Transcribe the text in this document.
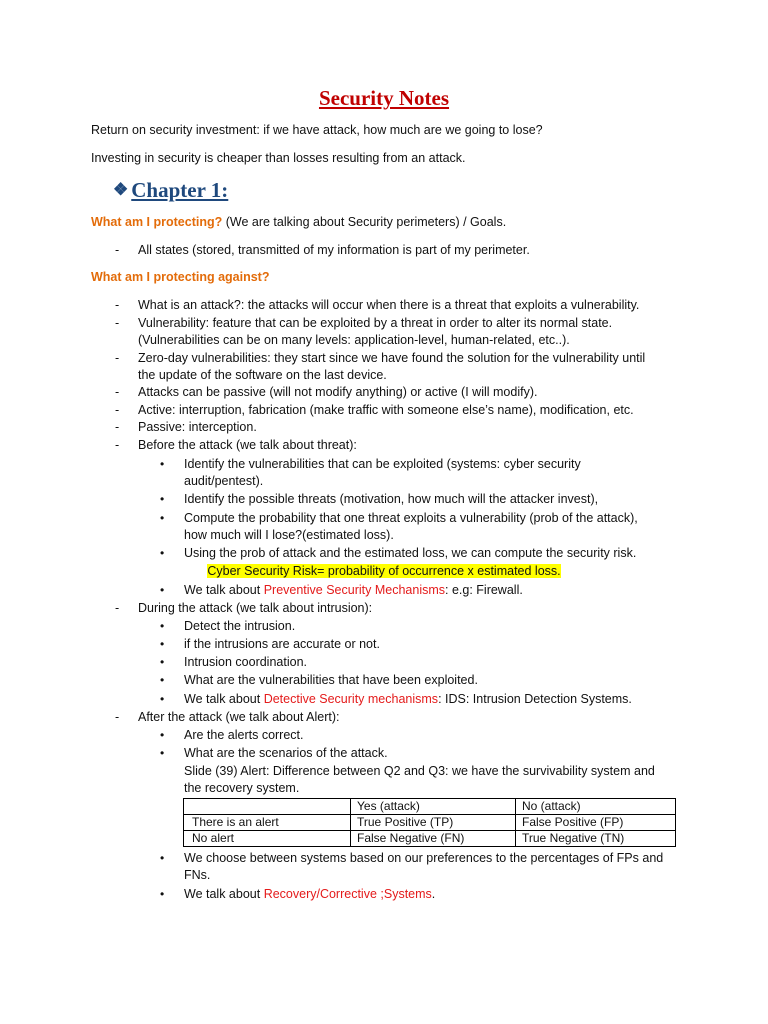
Security Notes
Return on security investment: if we have attack, how much are we going to lose?
Investing in security is cheaper than losses resulting from an attack.
❖ Chapter 1:
What am I protecting? (We are talking about Security perimeters) / Goals.
- All states (stored, transmitted of my information is part of my perimeter.
What am I protecting against?
- What is an attack?: the attacks will occur when there is a threat that exploits a vulnerability.
- Vulnerability: feature that can be exploited by a threat in order to alter its normal state.
(Vulnerabilities can be on many levels: application-level, human-related, etc..).
- Zero-day vulnerabilities: they start since we have found the solution for the vulnerability until
the update of the software on the last device.
- Attacks can be passive (will not modify anything) or active (I will modify).
- Active: interruption, fabrication (make traffic with someone else’s name), modification, etc.
- Passive: interception.
- Before the attack (we talk about threat):
• Identify the vulnerabilities that can be exploited (systems: cyber security
audit/pentest).
• Identify the possible threats (motivation, how much will the attacker invest),
• Compute the probability that one threat exploits a vulnerability (prob of the attack),
how much will I lose?(estimated loss).
• Using the prob of attack and the estimated loss, we can compute the security risk.
Cyber Security Risk= probability of occurrence x estimated loss.
• We talk about Preventive Security Mechanisms: e.g: Firewall.
- During the attack (we talk about intrusion):
• Detect the intrusion.
• if the intrusions are accurate or not.
• Intrusion coordination.
• What are the vulnerabilities that have been exploited.
• We talk about Detective Security mechanisms: IDS: Intrusion Detection Systems.
- After the attack (we talk about Alert):
• Are the alerts correct.
• What are the scenarios of the attack.
Slide (39) Alert: Difference between Q2 and Q3: we have the survivability system and
the recovery system.
	Yes (attack)	No (attack)
There is an alert	True Positive (TP)	False Positive (FP)
No alert	False Negative (FN)	True Negative (TN)
• We choose between systems based on our preferences to the percentages of FPs and
FNs.
• We talk about Recovery/Corrective ;Systems.
